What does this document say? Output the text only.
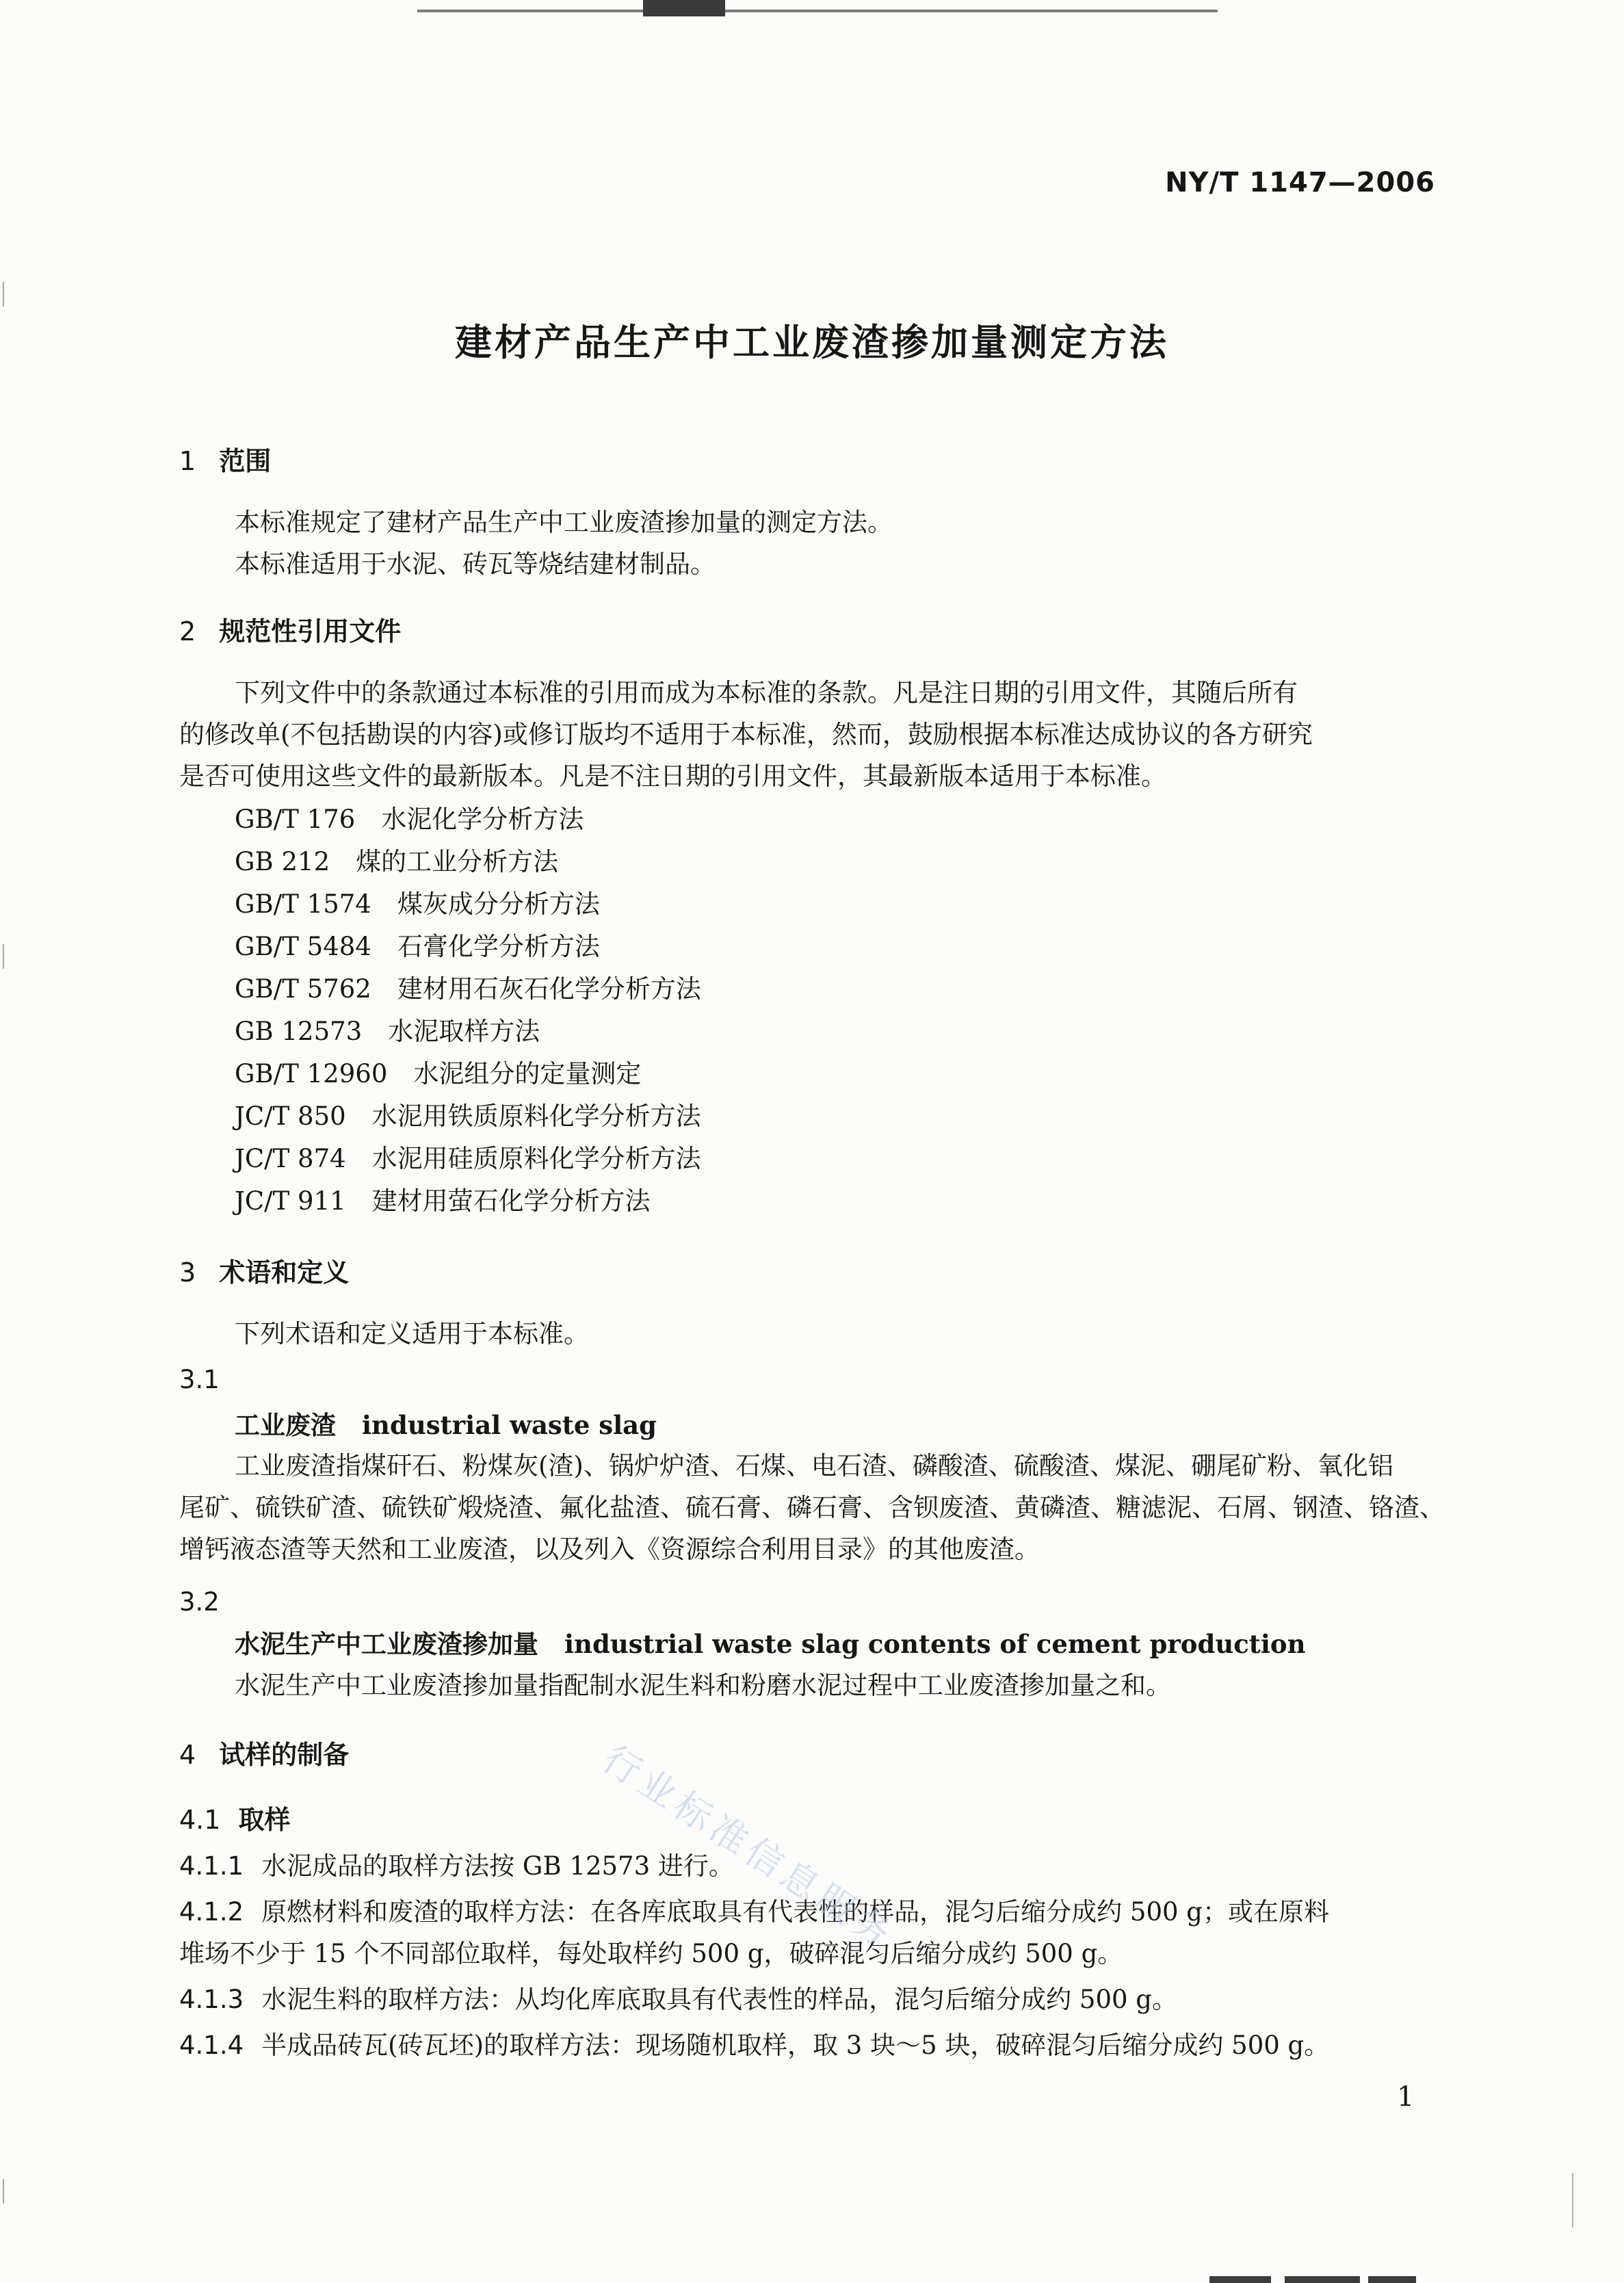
NY/T 1147—2006
建材产品生产中工业废渣掺加量测定方法
1 范围
本标准规定了建材产品生产中工业废渣掺加量的测定方法。
本标准适用于水泥、砖瓦等烧结建材制品。
2 规范性引用文件
下列文件中的条款通过本标准的引用而成为本标准的条款。凡是注日期的引用文件，其随后所有
的修改单(不包括勘误的内容)或修订版均不适用于本标准，然而，鼓励根据本标准达成协议的各方研究
是否可使用这些文件的最新版本。凡是不注日期的引用文件，其最新版本适用于本标准。
GB/T 176 水泥化学分析方法
GB 212 煤的工业分析方法
GB/T 1574 煤灰成分分析方法
GB/T 5484 石膏化学分析方法
GB/T 5762 建材用石灰石化学分析方法
GB 12573 水泥取样方法
GB/T 12960 水泥组分的定量测定
JC/T 850 水泥用铁质原料化学分析方法
JC/T 874 水泥用硅质原料化学分析方法
JC/T 911 建材用萤石化学分析方法
3 术语和定义
下列术语和定义适用于本标准。
3.1
工业废渣 industrial waste slag
工业废渣指煤矸石、粉煤灰(渣)、锅炉炉渣、石煤、电石渣、磷酸渣、硫酸渣、煤泥、硼尾矿粉、氧化铝
尾矿、硫铁矿渣、硫铁矿煅烧渣、氟化盐渣、硫石膏、磷石膏、含钡废渣、黄磷渣、糖滤泥、石屑、钢渣、铬渣、
增钙液态渣等天然和工业废渣，以及列入《资源综合利用目录》的其他废渣。
3.2
水泥生产中工业废渣掺加量 industrial waste slag contents of cement production
水泥生产中工业废渣掺加量指配制水泥生料和粉磨水泥过程中工业废渣掺加量之和。
4 试样的制备
4.1 取样
4.1.1 水泥成品的取样方法按 GB 12573 进行。
4.1.2 原燃材料和废渣的取样方法：在各库底取具有代表性的样品，混匀后缩分成约 500 g；或在原料
堆场不少于 15 个不同部位取样，每处取样约 500 g，破碎混匀后缩分成约 500 g。
4.1.3 水泥生料的取样方法：从均化库底取具有代表性的样品，混匀后缩分成约 500 g。
4.1.4 半成品砖瓦(砖瓦坯)的取样方法：现场随机取样，取 3 块～5 块，破碎混匀后缩分成约 500 g。
行业标准信息服务
1
